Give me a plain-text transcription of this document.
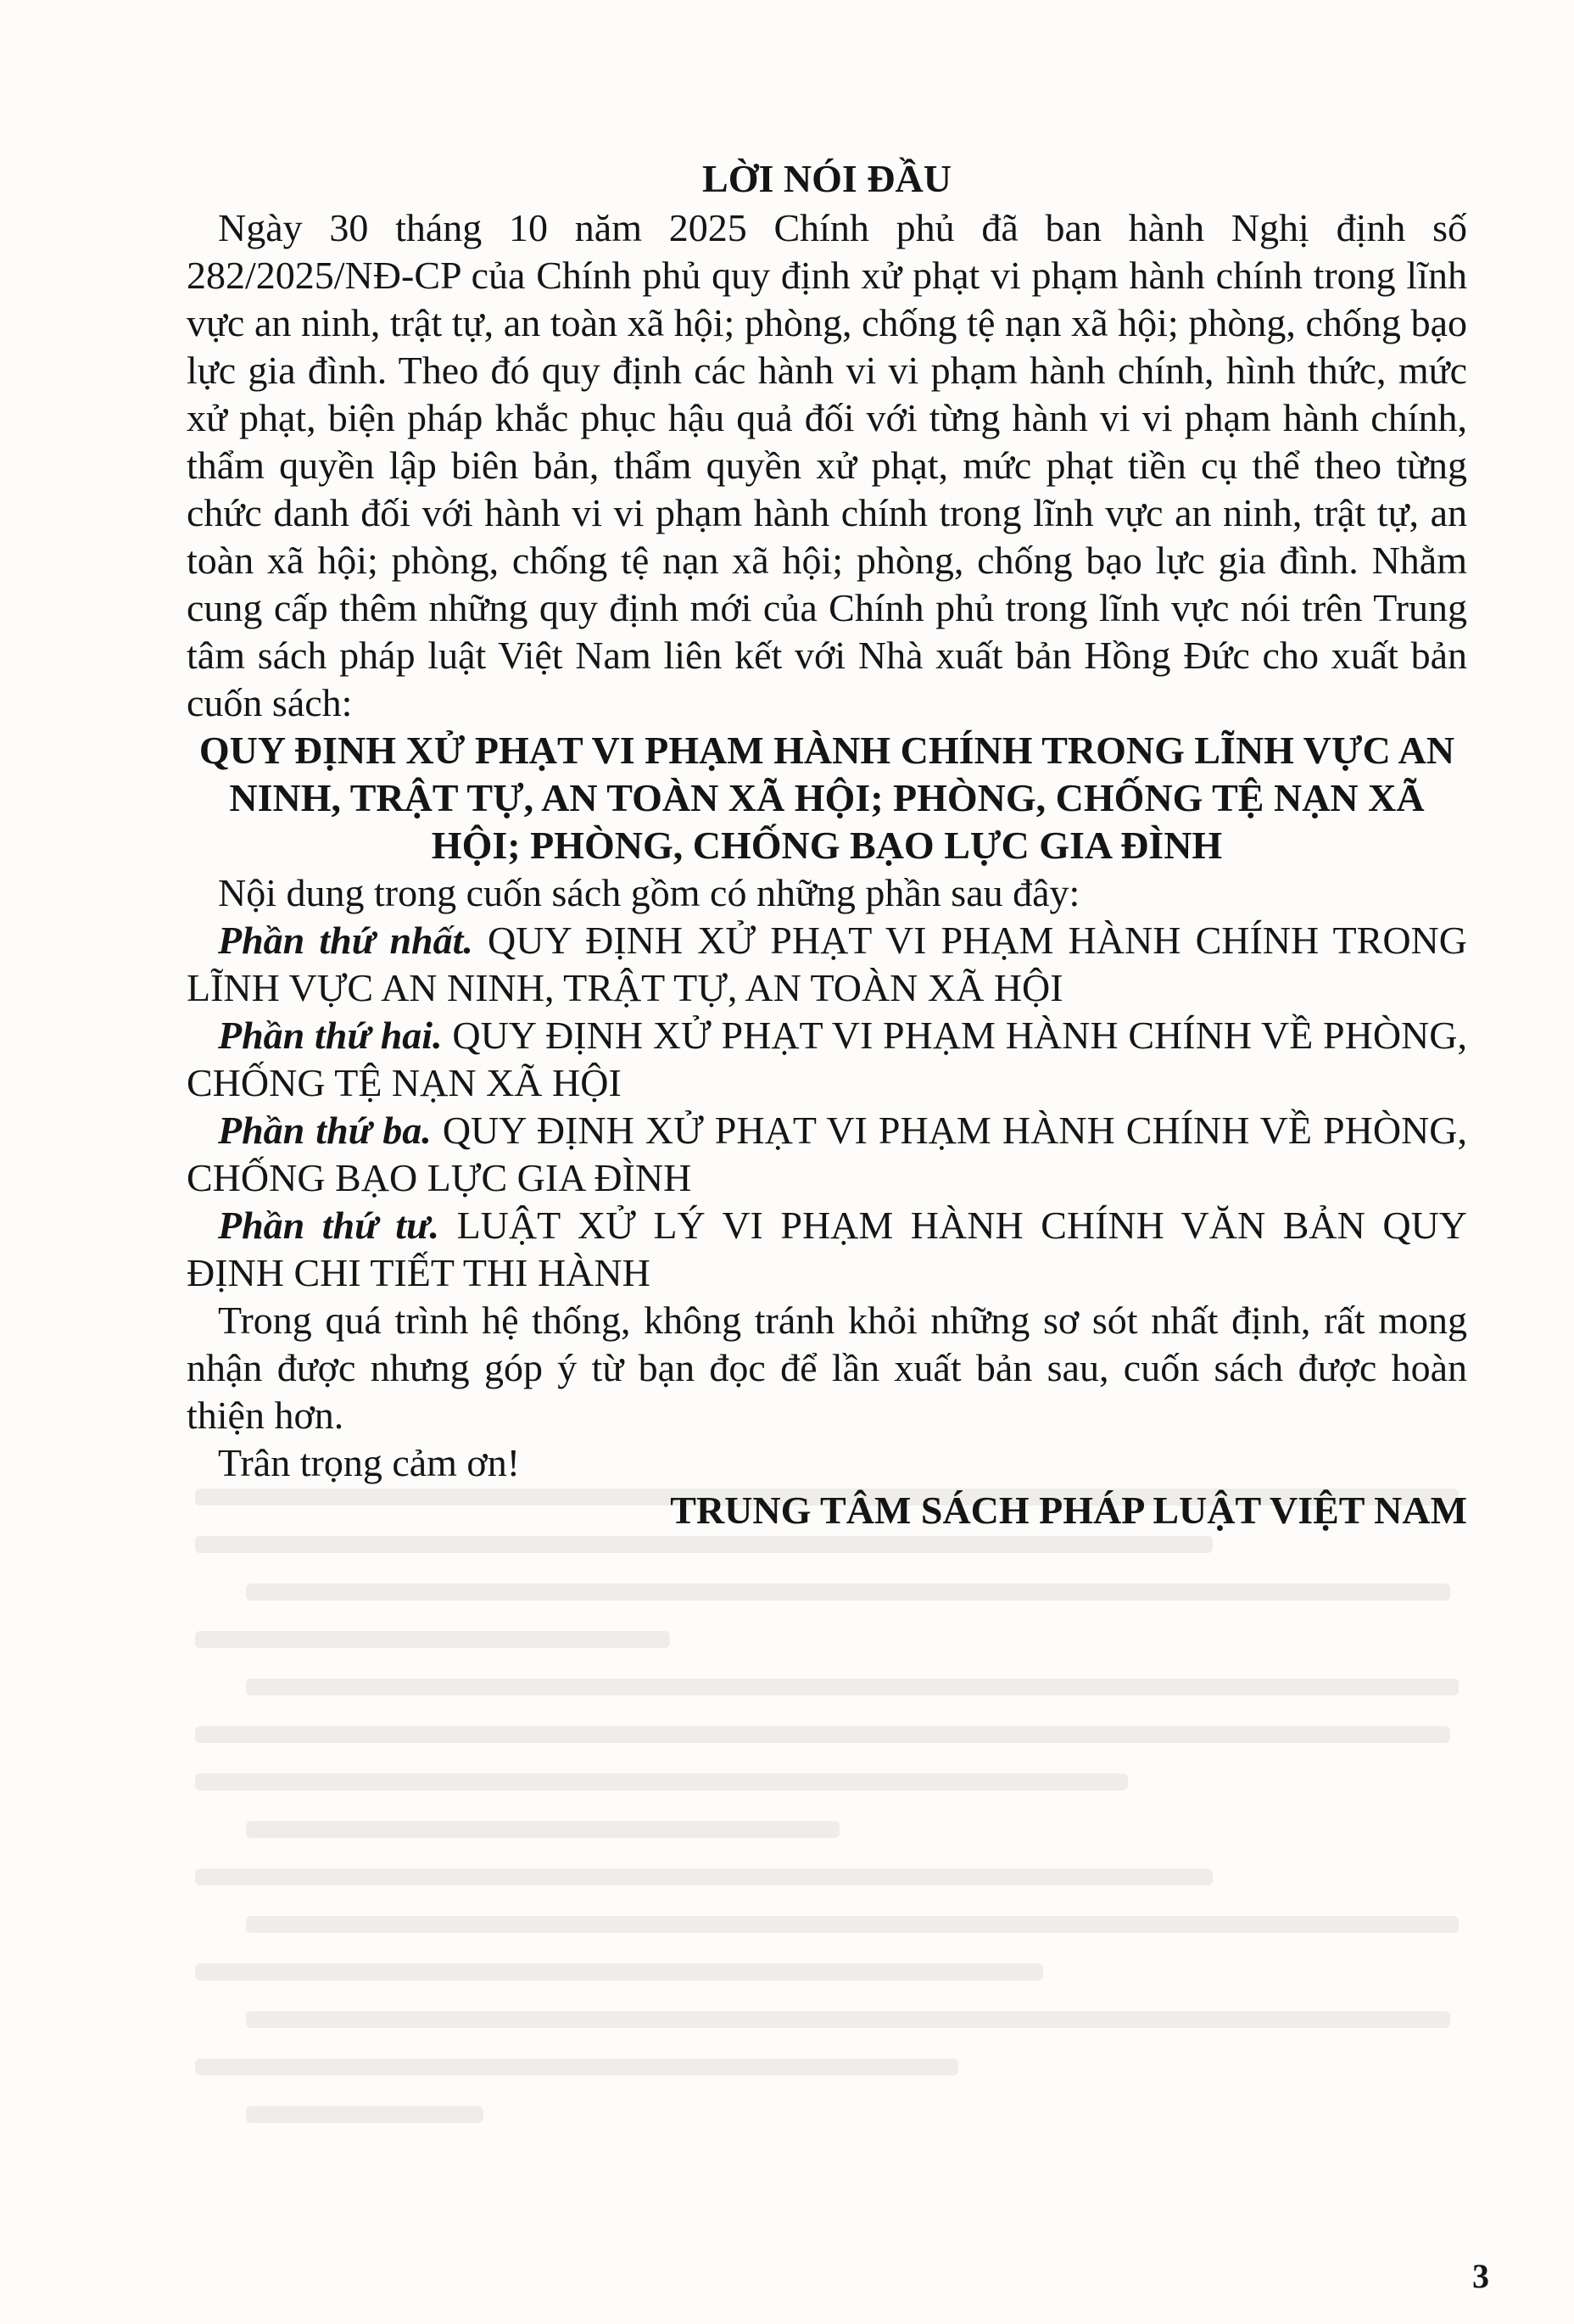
LỜI NÓI ĐẦU

Ngày 30 tháng 10 năm 2025 Chính phủ đã ban hành Nghị định số 282/2025/NĐ-CP của Chính phủ quy định xử phạt vi phạm hành chính trong lĩnh vực an ninh, trật tự, an toàn xã hội; phòng, chống tệ nạn xã hội; phòng, chống bạo lực gia đình. Theo đó quy định các hành vi vi phạm hành chính, hình thức, mức xử phạt, biện pháp khắc phục hậu quả đối với từng hành vi vi phạm hành chính, thẩm quyền lập biên bản, thẩm quyền xử phạt, mức phạt tiền cụ thể theo từng chức danh đối với hành vi vi phạm hành chính trong lĩnh vực an ninh, trật tự, an toàn xã hội; phòng, chống tệ nạn xã hội; phòng, chống bạo lực gia đình. Nhằm cung cấp thêm những quy định mới của Chính phủ trong lĩnh vực nói trên Trung tâm sách pháp luật Việt Nam liên kết với Nhà xuất bản Hồng Đức cho xuất bản cuốn sách:

QUY ĐỊNH XỬ PHẠT VI PHẠM HÀNH CHÍNH TRONG LĨNH VỰC AN NINH, TRẬT TỰ, AN TOÀN XÃ HỘI; PHÒNG, CHỐNG TỆ NẠN XÃ HỘI; PHÒNG, CHỐNG BẠO LỰC GIA ĐÌNH

Nội dung trong cuốn sách gồm có những phần sau đây:

Phần thứ nhất. QUY ĐỊNH XỬ PHẠT VI PHẠM HÀNH CHÍNH TRONG LĨNH VỰC AN NINH, TRẬT TỰ, AN TOÀN XÃ HỘI

Phần thứ hai. QUY ĐỊNH XỬ PHẠT VI PHẠM HÀNH CHÍNH VỀ PHÒNG, CHỐNG TỆ NẠN XÃ HỘI

Phần thứ ba. QUY ĐỊNH XỬ PHẠT VI PHẠM HÀNH CHÍNH VỀ PHÒNG, CHỐNG BẠO LỰC GIA ĐÌNH

Phần thứ tư. LUẬT XỬ LÝ VI PHẠM HÀNH CHÍNH VĂN BẢN QUY ĐỊNH CHI TIẾT THI HÀNH

Trong quá trình hệ thống, không tránh khỏi những sơ sót nhất định, rất mong nhận được nhưng góp ý từ bạn đọc để lần xuất bản sau, cuốn sách được hoàn thiện hơn.

Trân trọng cảm ơn!

TRUNG TÂM SÁCH PHÁP LUẬT VIỆT NAM

3
